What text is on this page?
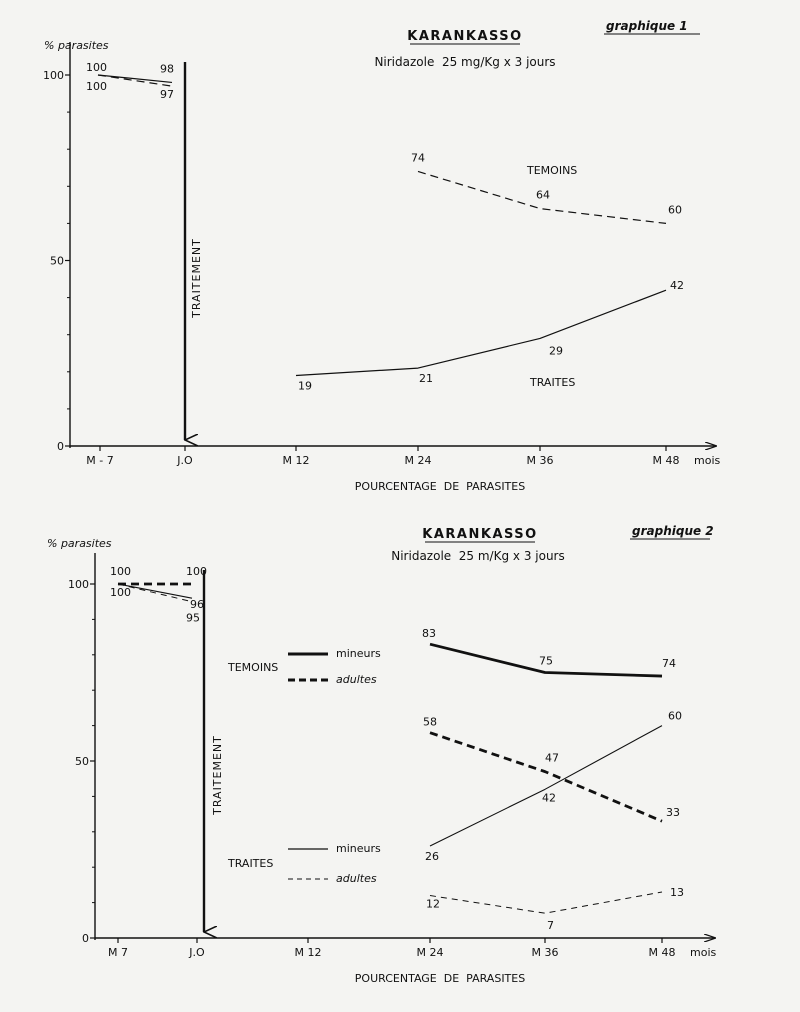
graphique 1
KARANKASSO
Niridazole  25 mg/Kg x 3 jours
% parasites
0
50
100
M - 7	J.O	M 12	M 24	M 36	M 48 mois
TRAITEMENT
74
64
60
19
21
29
42
100	98
100
97
TEMOINS
TRAITES
POURCENTAGE  DE  PARASITES
graphique 2
KARANKASSO
Niridazole  25 m/Kg x 3 jours
% parasites
0
50
100
M 7	J.O	M 12	M 24	M 36	M 48 mois
TRAITEMENT
83
75	74
58
47
33
26
42
60
12
7
13
100	100
100
96
95
TEMOINS
mineurs
adultes
TRAITES
mineurs
adultes
POURCENTAGE  DE  PARASITES
